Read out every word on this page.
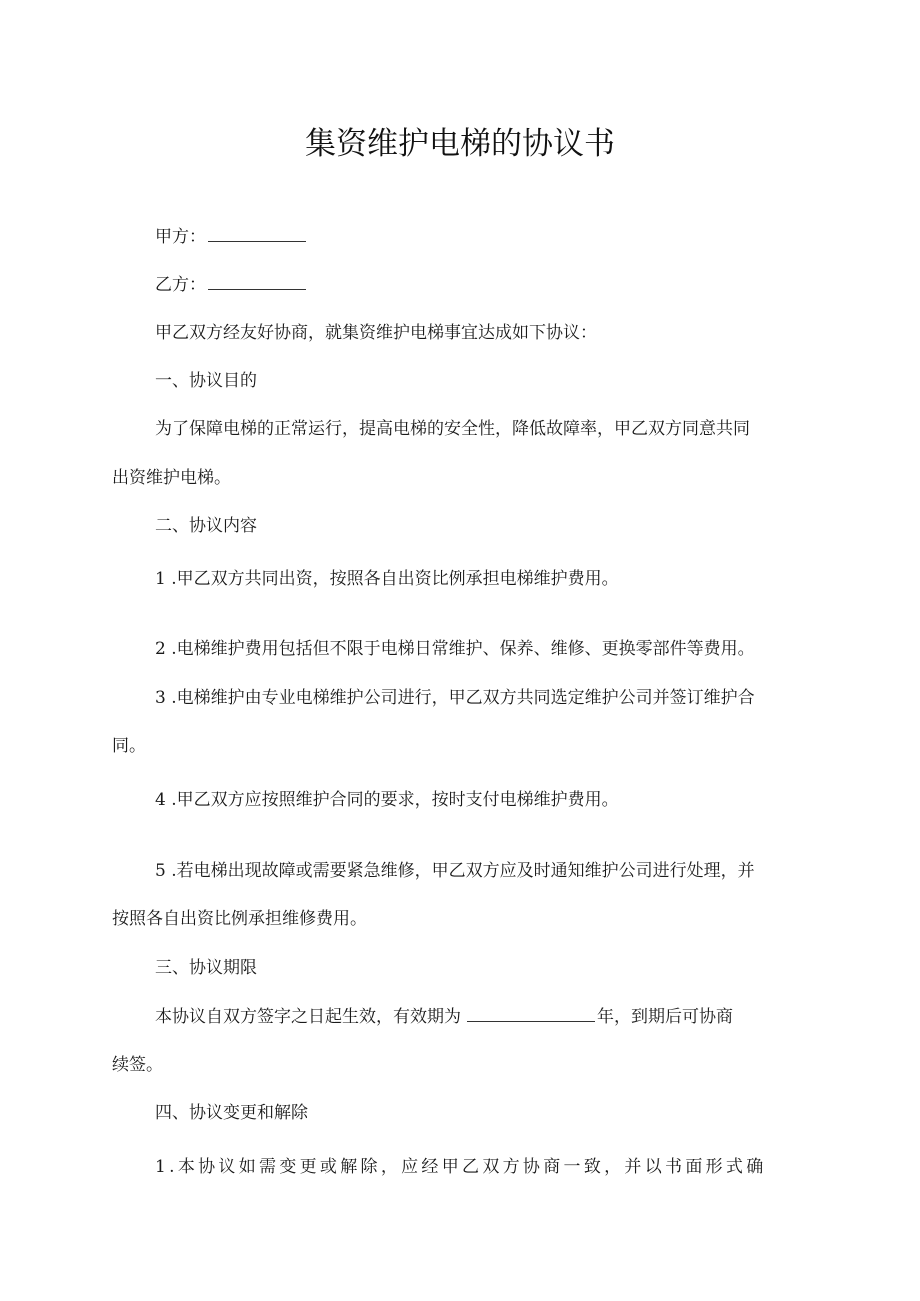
集资维护电梯的协议书
甲方：
乙方：
甲乙双方经友好协商，就集资维护电梯事宜达成如下协议：
一、协议目的
为了保障电梯的正常运行，提高电梯的安全性，降低故障率，甲乙双方同意共同
出资维护电梯。
二、协议内容
1 .甲乙双方共同出资，按照各自出资比例承担电梯维护费用。
2 .电梯维护费用包括但不限于电梯日常维护、保养、维修、更换零部件等费用。
3 .电梯维护由专业电梯维护公司进行，甲乙双方共同选定维护公司并签订维护合
同。
4 .甲乙双方应按照维护合同的要求，按时支付电梯维护费用。
5 .若电梯出现故障或需要紧急维修，甲乙双方应及时通知维护公司进行处理，并
按照各自出资比例承担维修费用。
三、协议期限
本协议自双方签字之日起生效，有效期为	年，到期后可协商
续签。
四、协议变更和解除
1.本协议如需变更或解除，应经甲乙双方协商一致，并以书面形式确
